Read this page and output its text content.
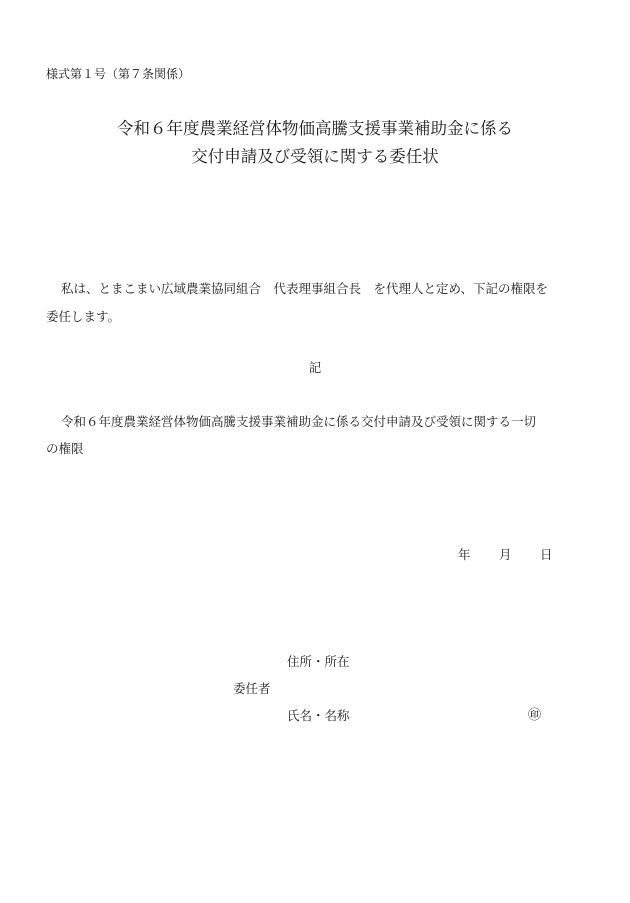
様式第１号（第７条関係）
令和６年度農業経営体物価高騰支援事業補助金に係る
交付申請及び受領に関する委任状
私は、とまこまい広域農業協同組合　代表理事組合長　を代理人と定め、下記の権限を
委任します。
記
令和６年度農業経営体物価高騰支援事業補助金に係る交付申請及び受領に関する一切
の権限
年 月 日
住所・所在
委任者
氏名・名称	㊞
